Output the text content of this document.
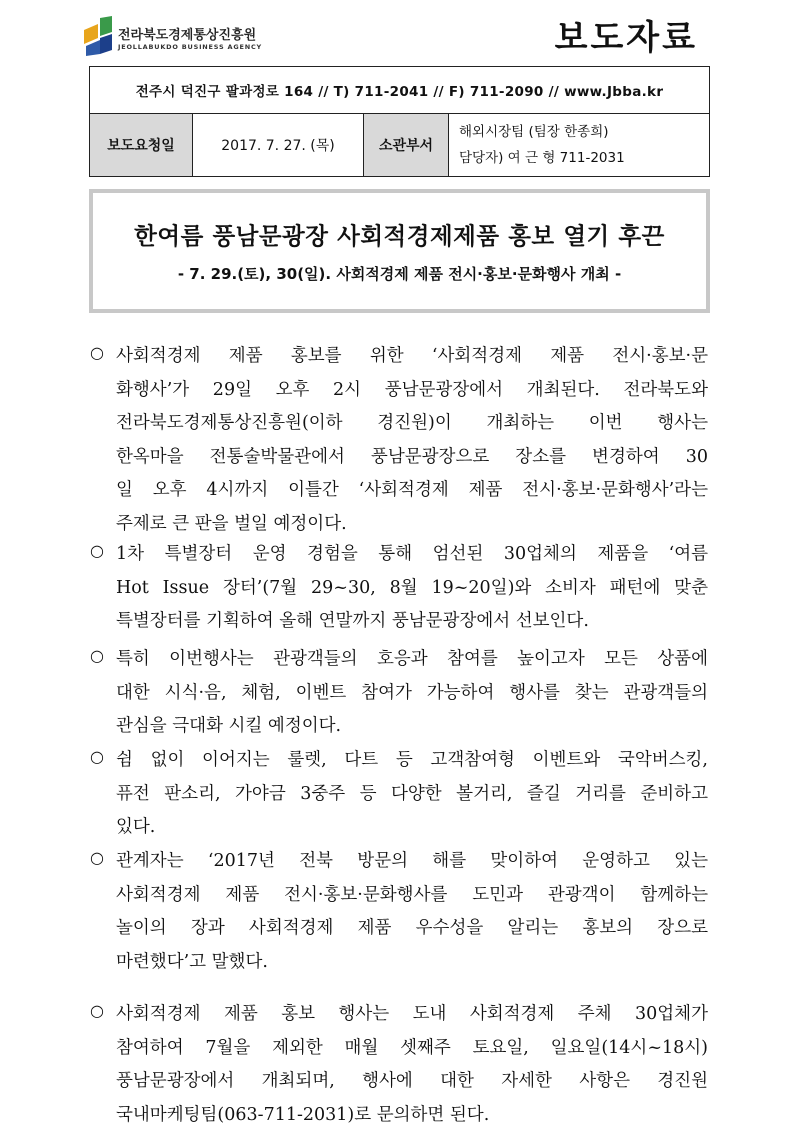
전라북도경제통상진흥원
JEOLLABUKDO BUSINESS AGENCY	보도자료
전주시 덕진구 팔과정로 164 // T) 711-2041 // F) 711-2090 // www.Jbba.kr
보도요청일	2017. 7. 27. (목)	소관부서	
해외시장팀 (팀장 한종희)
담당자) 여 근 형 711-2031
한여름 풍남문광장 사회적경제제품 홍보 열기 후끈
- 7. 29.(토), 30(일). 사회적경제 제품 전시·홍보·문화행사 개최 -
○ 사회적경제 제품 홍보를 위한 ‘사회적경제 제품 전시·홍보·문
화행사’가 29일 오후 2시 풍남문광장에서 개최된다. 전라북도와
전라북도경제통상진흥원(이하 경진원)이 개최하는 이번 행사는
한옥마을 전통술박물관에서 풍남문광장으로 장소를 변경하여 30
일 오후 4시까지 이틀간 ‘사회적경제 제품 전시·홍보·문화행사’라는
주제로 큰 판을 벌일 예정이다.
○ 1차 특별장터 운영 경험을 통해 엄선된 30업체의 제품을 ‘여름
Hot Issue 장터’(7월 29~30, 8월 19~20일)와 소비자 패턴에 맞춘
특별장터를 기획하여 올해 연말까지 풍남문광장에서 선보인다.
○ 특히 이번행사는 관광객들의 호응과 참여를 높이고자 모든 상품에
대한 시식·음, 체험, 이벤트 참여가 가능하여 행사를 찾는 관광객들의
관심을 극대화 시킬 예정이다.
○ 쉼 없이 이어지는 룰렛, 다트 등 고객참여형 이벤트와 국악버스킹,
퓨전 판소리, 가야금 3중주 등 다양한 볼거리, 즐길 거리를 준비하고
있다.
○ 관계자는 ‘2017년 전북 방문의 해를 맞이하여 운영하고 있는
사회적경제 제품 전시·홍보·문화행사를 도민과 관광객이 함께하는
놀이의 장과 사회적경제 제품 우수성을 알리는 홍보의 장으로
마련했다’고 말했다.
○ 사회적경제 제품 홍보 행사는 도내 사회적경제 주체 30업체가
참여하여 7월을 제외한 매월 셋째주 토요일, 일요일(14시~18시)
풍남문광장에서 개최되며, 행사에 대한 자세한 사항은 경진원
국내마케팅팀(063-711-2031)로 문의하면 된다.
